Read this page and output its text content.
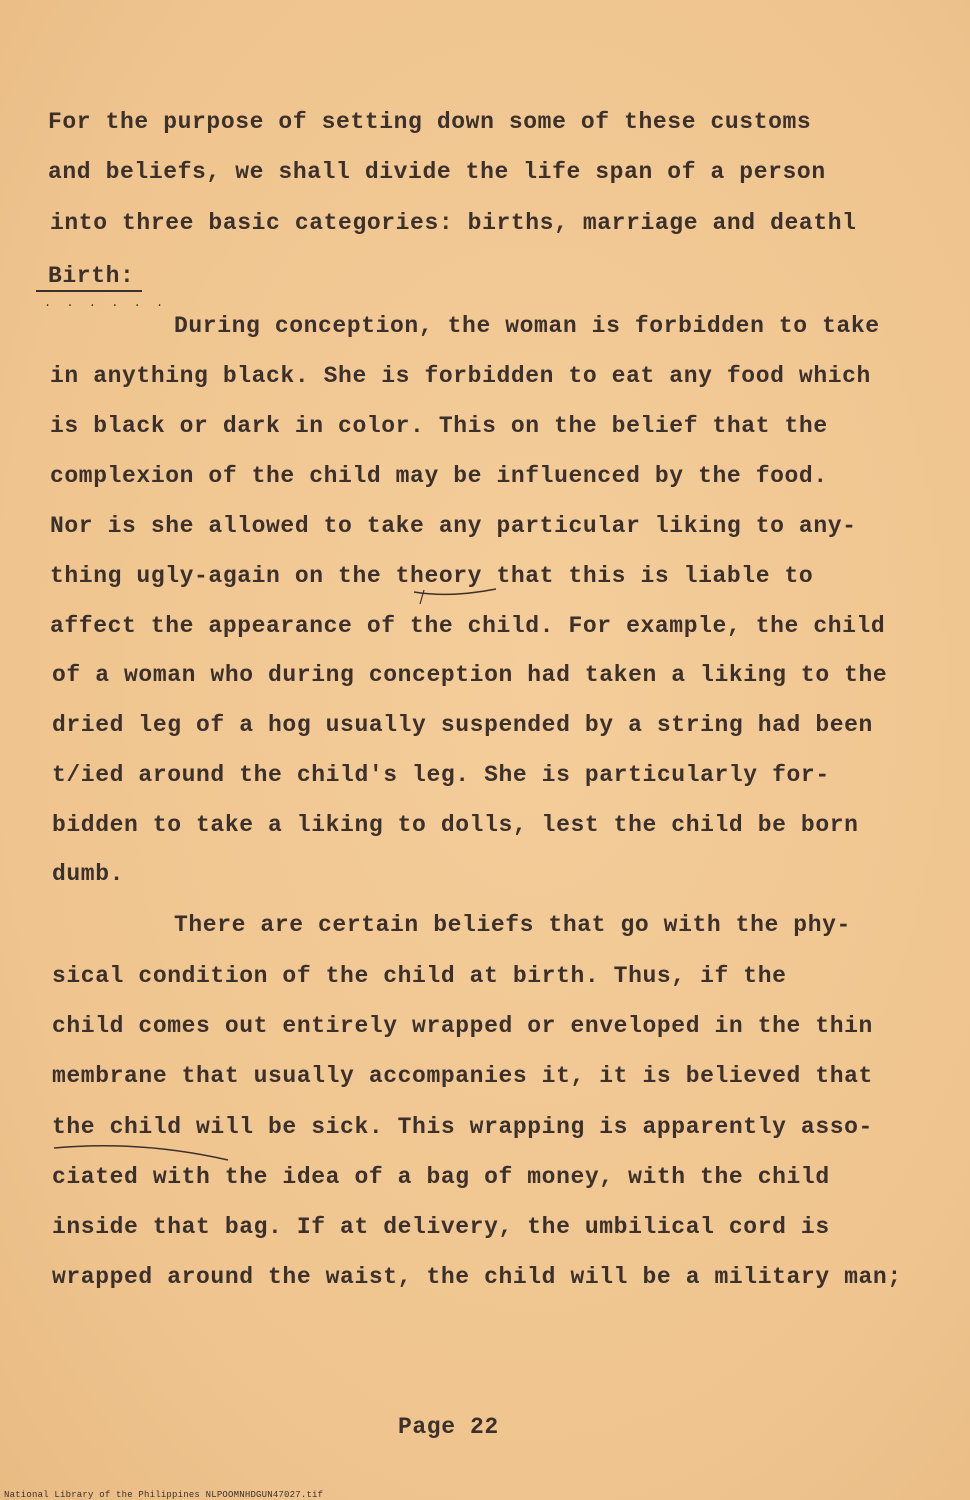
For the purpose of setting down some of these customs
and beliefs, we shall divide the life span of a person
into three basic categories: births, marriage and deathl
Birth:
. . . . . .
During conception, the woman is forbidden to take
in anything black. She is forbidden to eat any food which
is black or dark in color. This on the belief that the
complexion of the child may be influenced by the food.
Nor is she allowed to take any particular liking to any-
thing ugly-again on the theory that this is liable to
affect the appearance of the child. For example, the child
of a woman who during conception had taken a liking to the
dried leg of a hog usually suspended by a string had been
t/ied around the child's leg. She is particularly for-
bidden to take a liking to dolls, lest the child be born
dumb.
There are certain beliefs that go with the phy-
sical condition of the child at birth. Thus, if the
child comes out entirely wrapped or enveloped in the thin
membrane that usually accompanies it, it is believed that
the child will be sick. This wrapping is apparently asso-
ciated with the idea of a bag of money, with the child
inside that bag. If at delivery, the umbilical cord is
wrapped around the waist, the child will be a military man;
Page 22
National Library of the Philippines NLPOOMNHDGUN47027.tif
